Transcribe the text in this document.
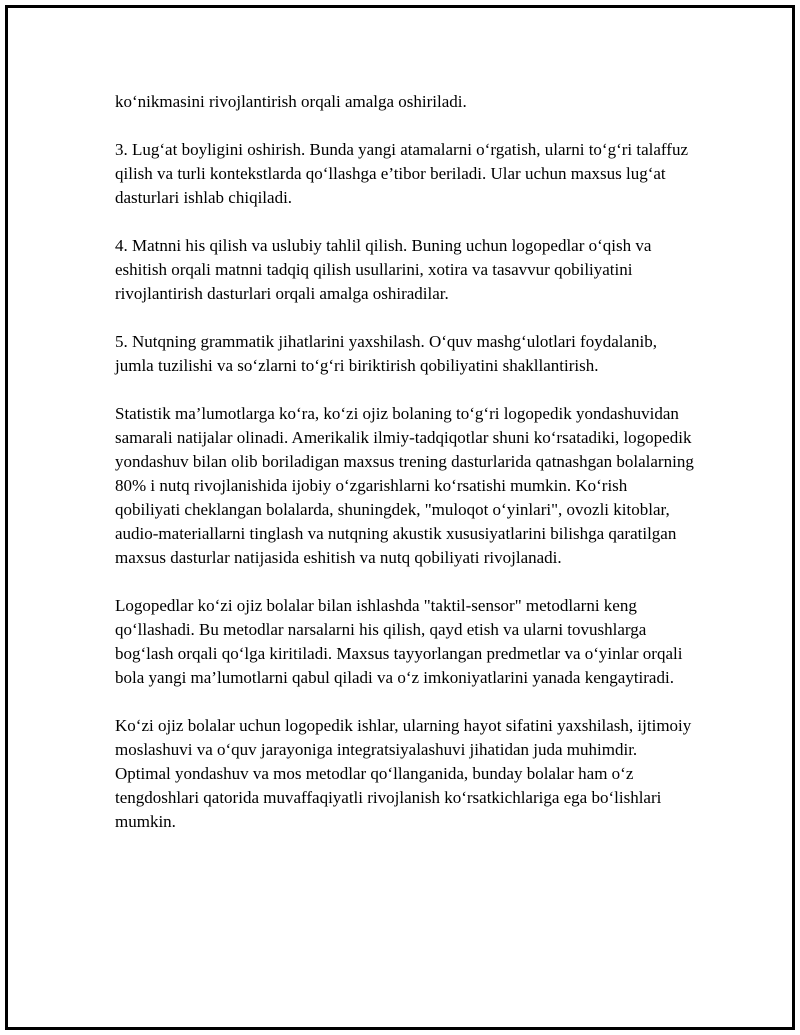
ko‘nikmasini rivojlantirish orqali amalga oshiriladi.

3. Lug‘at boyligini oshirish. Bunda yangi atamalarni o‘rgatish, ularni to‘g‘ri talaffuz qilish va turli kontekstlarda qo‘llashga e’tibor beriladi. Ular uchun maxsus lug‘at dasturlari ishlab chiqiladi.

4. Matnni his qilish va uslubiy tahlil qilish. Buning uchun logopedlar o‘qish va eshitish orqali matnni tadqiq qilish usullarini, xotira va tasavvur qobiliyatini rivojlantirish dasturlari orqali amalga oshiradilar.

5. Nutqning grammatik jihatlarini yaxshilash. O‘quv mashg‘ulotlari foydalanib, jumla tuzilishi va so‘zlarni to‘g‘ri biriktirish qobiliyatini shakllantirish.

Statistik ma’lumotlarga ko‘ra, ko‘zi ojiz bolaning to‘g‘ri logopedik yondashuvidan samarali natijalar olinadi. Amerikalik ilmiy-tadqiqotlar shuni ko‘rsatadiki, logopedik yondashuv bilan olib boriladigan maxsus trening dasturlarida qatnashgan bolalarning 80% i nutq rivojlanishida ijobiy o‘zgarishlarni ko‘rsatishi mumkin. Ko‘rish qobiliyati cheklangan bolalarda, shuningdek, "muloqot o‘yinlari", ovozli kitoblar, audio-materiallarni tinglash va nutqning akustik xususiyatlarini bilishga qaratilgan maxsus dasturlar natijasida eshitish va nutq qobiliyati rivojlanadi.

Logopedlar ko‘zi ojiz bolalar bilan ishlashda "taktil-sensor" metodlarni keng qo‘llashadi. Bu metodlar narsalarni his qilish, qayd etish va ularni tovushlarga bog‘lash orqali qo‘lga kiritiladi. Maxsus tayyorlangan predmetlar va o‘yinlar orqali bola yangi ma’lumotlarni qabul qiladi va o‘z imkoniyatlarini yanada kengaytiradi.

Ko‘zi ojiz bolalar uchun logopedik ishlar, ularning hayot sifatini yaxshilash, ijtimoiy moslashuvi va o‘quv jarayoniga integratsiyalashuvi jihatidan juda muhimdir. Optimal yondashuv va mos metodlar qo‘llanganida, bunday bolalar ham o‘z tengdoshlari qatorida muvaffaqiyatli rivojlanish ko‘rsatkichlariga ega bo‘lishlari mumkin.
